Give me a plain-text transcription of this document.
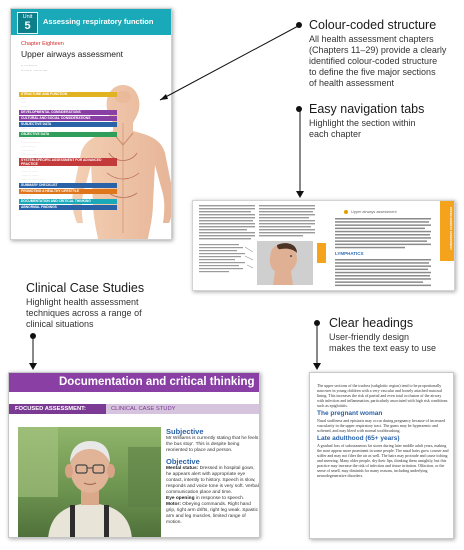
Unit
5	Assessing respiratory function
Chapter Eighteen
Upper airways assessment
·· ··· ·······
······· ·· ···· ·······
STRUCTURE AND FUNCTION
·····
······
·········
DEVELOPMENTAL CONSIDERATIONS
CULTURAL AND SOCIAL CONSIDERATIONS
SUBJECTIVE DATA
·········· ·······
OBJECTIVE DATA
·········· ·······
·········· ··· ········
······· ·········
········ ······
·········· ········ ·· ······
SYSTEM-SPECIFIC ASSESSMENT FOR ADVANCED PRACTICE
········ ··· ·····
········ ··· ······
········ ··· ········
········ ··· ········ ·· ···
SUMMARY CHECKLIST
PROMOTING A HEALTHY LIFESTYLE
········ ·······
DOCUMENTATION AND CRITICAL THINKING
ABNORMAL FINDINGS
Upper airways assessment
LYMPHATICS
UPPER AIRWAYS ASSESSMENT
Documentation and critical thinking
FOCUSED ASSESSMENT:	CLINICAL CASE STUDY
Subjective
Mr Williams is currently stating that he feels the bus stop'. This is despite being reoriented to place and person.
Objective
Mental status: Dressed in hospital gown, he appears alert with appropriate eye contact, intently to history. Speech is slow, responds and voice tone is very soft. Verbal communication place and time.
Eye opening in response to speech.
Motor: Obeying commands. Right hand grip, right arm drifts, right leg weak. Spastic arm and leg muscles, limited range of motion.
The upper sections of the trachea (subglottic region) tend to be proportionally narrower in young children with a very vascular and loosely attached mucosal lining. This increases the risk of partial and even total occlusion of the airway with infection and inflammation, particularly associated with high risk conditions such as epiglottitis.
The pregnant woman
Nasal stuffiness and epistaxis may occur during pregnancy because of increased vascularity in the upper respiratory tract. The gums may be hyperaemic and softened, and may bleed with normal toothbrushing.
Late adulthood (65+ years)
A gradual loss of subcutaneous fat stores during later middle adult years, making the nose appear more prominent in some people. The nasal hairs grow coarser and stiffer and may not filter the air as well. The hairs may protrude and cause itching and sneezing. Many older people, dry their lips, thinking them unsightly, but this practice may increase the risk of infection and tissue irritation. Olfaction, or the sense of smell, may diminish for many reasons, including underlying neurodegenerative disorders.
Colour-coded structure
All health assessment chapters
(Chapters 11–29) provide a clearly
identified colour-coded structure
to define the five major sections
of health assessment
Easy navigation tabs
Highlight the section within
each chapter
Clinical Case Studies
Highlight health assessment
techniques across a range of
clinical situations	Clear headings
User-friendly design
makes the text easy to use
